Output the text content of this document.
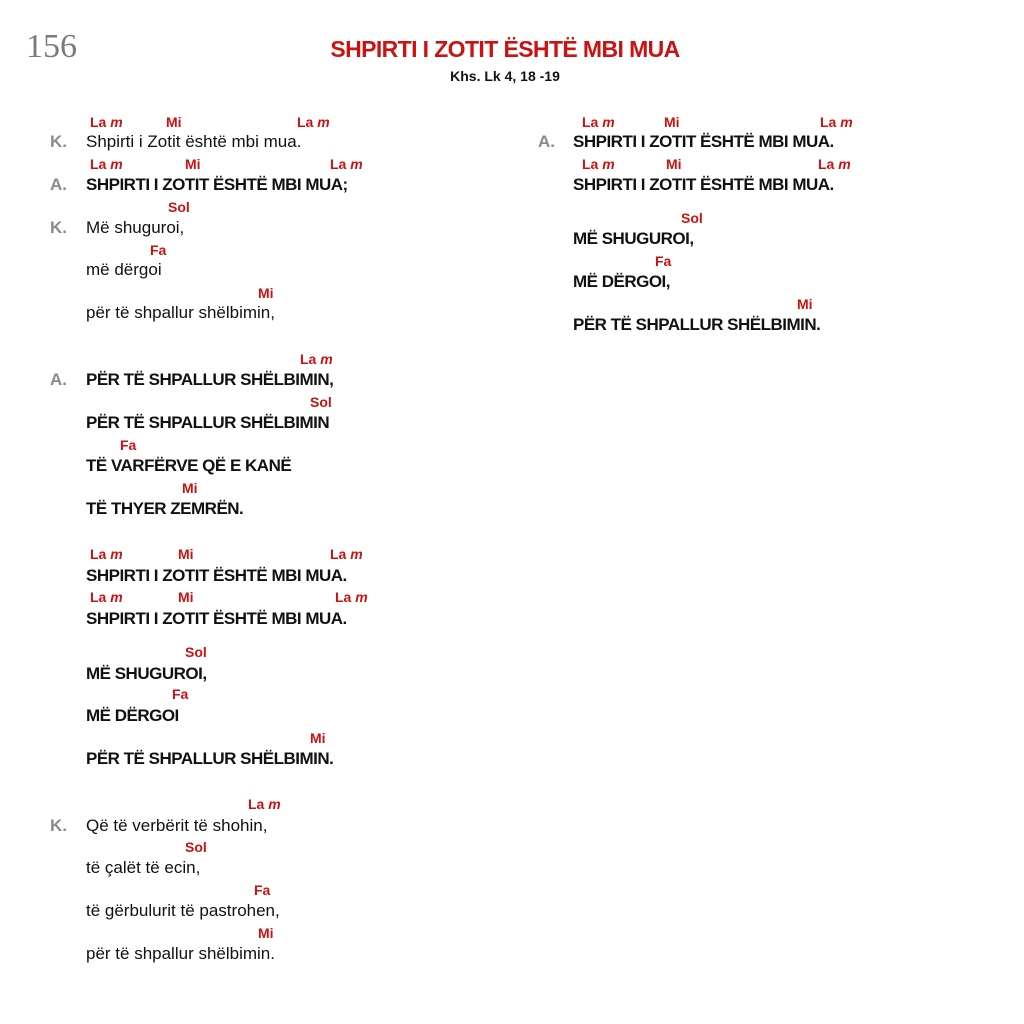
156	SHPIRTI I ZOTIT ËSHTË MBI MUA
Khs. Lk 4, 18 -19
La m	Mi	La m
K. Shpirti i Zotit është mbi mua.
La m	Mi	La m
A. SHPIRTI I ZOTIT ËSHTË MBI MUA;
Sol
K. Më shuguroi,
Fa
më dërgoi
Mi
për të shpallur shëlbimin,
La m
A. PËR TË SHPALLUR SHËLBIMIN,
Sol
PËR TË SHPALLUR SHËLBIMIN
Fa
TË VARFËRVE QË E KANË
Mi
TË THYER ZEMRËN.
La m	Mi	La m
SHPIRTI I ZOTIT ËSHTË MBI MUA.
La m	Mi	La m
SHPIRTI I ZOTIT ËSHTË MBI MUA.
Sol
MË SHUGUROI,
Fa
MË DËRGOI
Mi
PËR TË SHPALLUR SHËLBIMIN.
La m
K. Që të verbërit të shohin,
Sol
të çalët të ecin,
Fa
të gërbulurit të pastrohen,
Mi
për të shpallur shëlbimin.
La m	Mi	La m
A. SHPIRTI I ZOTIT ËSHTË MBI MUA.
La m	Mi	La m
SHPIRTI I ZOTIT ËSHTË MBI MUA.
Sol
MË SHUGUROI,
Fa
MË DËRGOI,
Mi
PËR TË SHPALLUR SHËLBIMIN.
